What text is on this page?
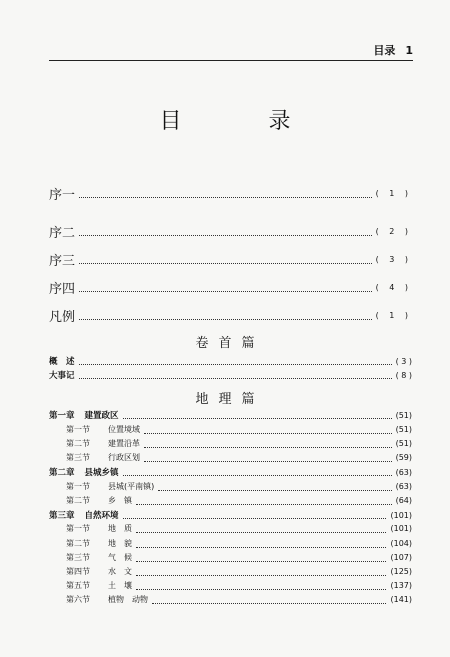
目录 1
目 录
序一	( 1 )
序二	( 2 )
序三	( 3 )
序四	( 4 )
凡例	( 1 )
卷首篇
概　述	( 3 )
大事记	( 8 )
地理篇
第一章 建置政区	(51)
第一节 位置境域	(51)
第二节 建置沿革	(51)
第三节 行政区划	(59)
第二章 县城乡镇	(63)
第一节 县城(平南镇)	(63)
第二节 乡　镇	(64)
第三章 自然环境	(101)
第一节 地　质	(101)
第二节 地　貌	(104)
第三节 气　候	(107)
第四节 水　文	(125)
第五节 土　壤	(137)
第六节 植物　动物	(141)
